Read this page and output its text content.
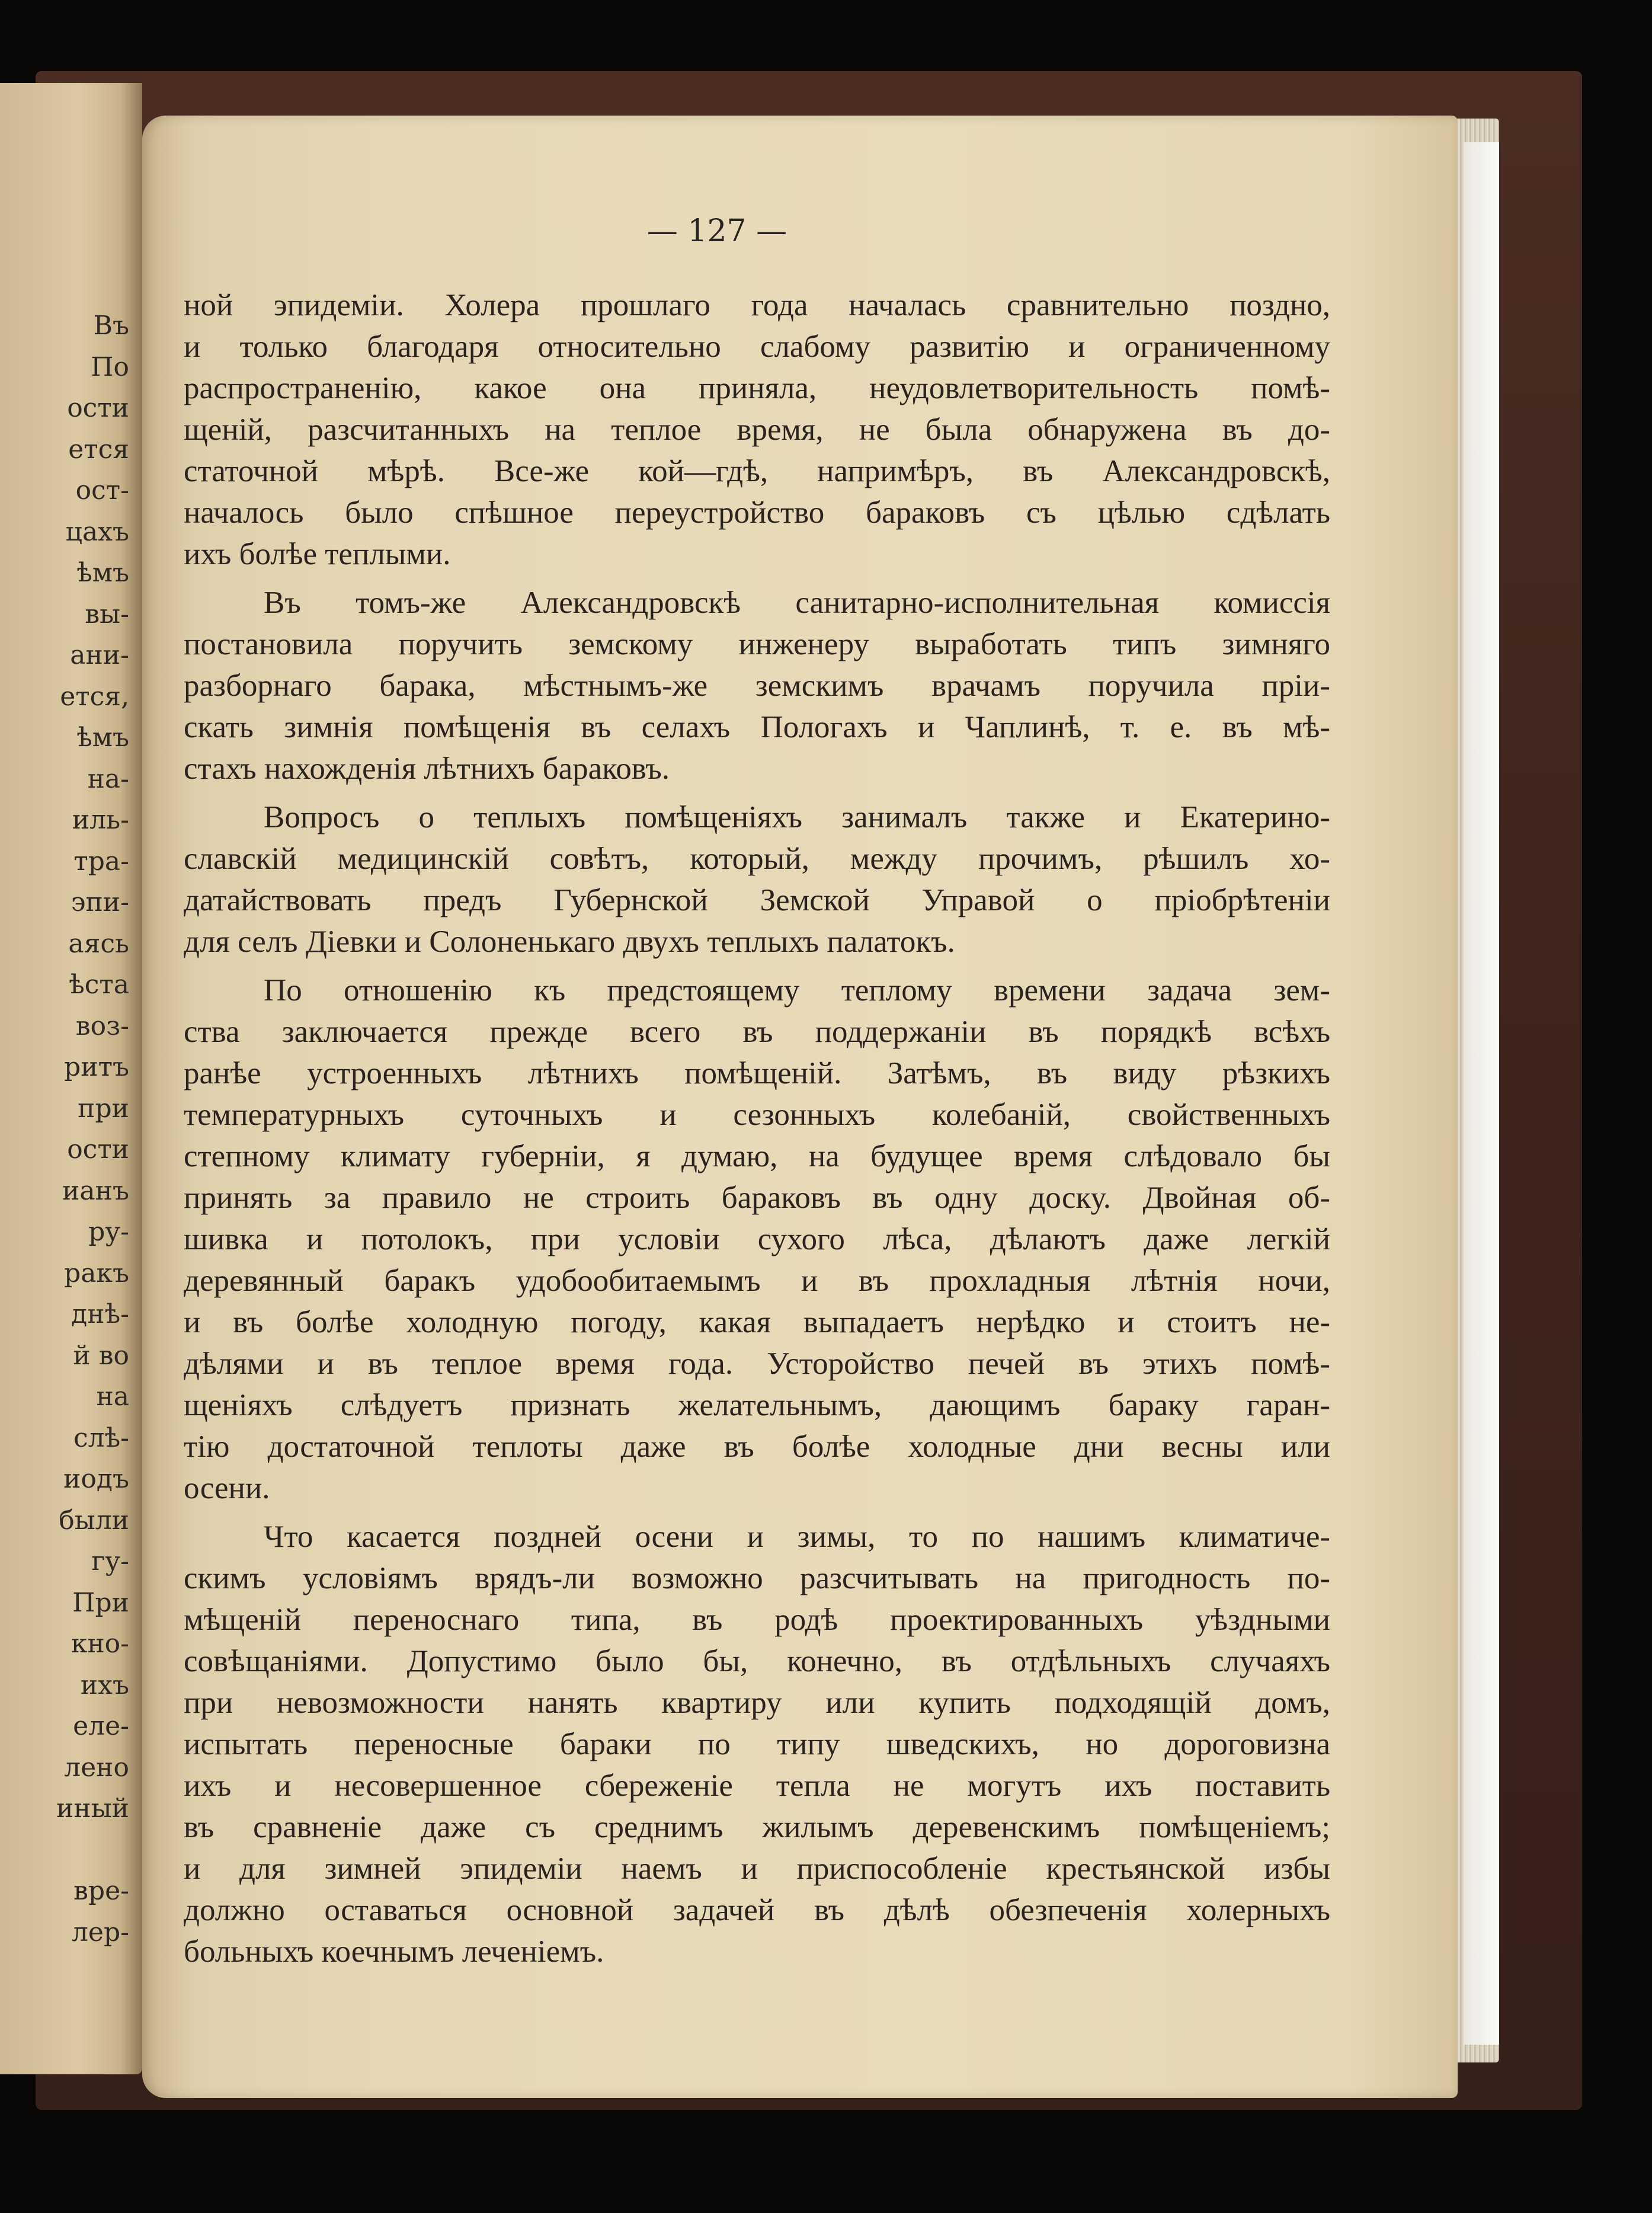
Въ
По
ости
ется
ост-
цахъ
ѣмъ
вы-
ани-
ется,
ѣмъ
на-
иль-
тра-
эпи-
аясь
ѣста
воз-
ритъ
при
ости
ианъ
ру-
ракъ
днѣ-
й во
на
слѣ-
иодъ
были
гу-
При
кно-
ихъ
еле-
лено
иный
вре-
лер-
— 127 —
ной эпидеміи. Холера прошлаго года началась сравнительно поздно,
и только благодаря относительно слабому развитію и ограниченному
распространенію, какое она приняла, неудовлетворительность помѣ-
щеній, разсчитанныхъ на теплое время, не была обнаружена въ до-
статочной мѣрѣ. Все-же кой—гдѣ, напримѣръ, въ Александровскѣ,
началось было спѣшное переустройство бараковъ съ цѣлью сдѣлать
ихъ болѣе теплыми.
Въ томъ-же Александровскѣ санитарно-исполнительная комиссія
постановила поручить земскому инженеру выработать типъ зимняго
разборнаго барака, мѣстнымъ-же земскимъ врачамъ поручила пріи-
скать зимнія помѣщенія въ селахъ Пологахъ и Чаплинѣ, т. е. въ мѣ-
стахъ нахожденія лѣтнихъ бараковъ.
Вопросъ о теплыхъ помѣщеніяхъ занималъ также и Екатерино-
славскій медицинскій совѣтъ, который, между прочимъ, рѣшилъ хо-
датайствовать предъ Губернской Земской Управой о пріобрѣтеніи
для селъ Діевки и Солоненькаго двухъ теплыхъ палатокъ.
По отношенію къ предстоящему теплому времени задача зем-
ства заключается прежде всего въ поддержаніи въ порядкѣ всѣхъ
ранѣе устроенныхъ лѣтнихъ помѣщеній. Затѣмъ, въ виду рѣзкихъ
температурныхъ суточныхъ и сезонныхъ колебаній, свойственныхъ
степному климату губерніи, я думаю, на будущее время слѣдовало бы
принять за правило не строить бараковъ въ одну доску. Двойная об-
шивка и потолокъ, при условіи сухого лѣса, дѣлаютъ даже легкій
деревянный баракъ удобообитаемымъ и въ прохладныя лѣтнія ночи,
и въ болѣе холодную погоду, какая выпадаетъ нерѣдко и стоитъ не-
дѣлями и въ теплое время года. Усторойство печей въ этихъ помѣ-
щеніяхъ слѣдуетъ признать желательнымъ, дающимъ бараку гаран-
тію достаточной теплоты даже въ болѣе холодные дни весны или
осени.
Что касается поздней осени и зимы, то по нашимъ климатиче-
скимъ условіямъ врядъ-ли возможно разсчитывать на пригодность по-
мѣщеній переноснаго типа, въ родѣ проектированныхъ уѣздными
совѣщаніями. Допустимо было бы, конечно, въ отдѣльныхъ случаяхъ
при невозможности нанять квартиру или купить подходящій домъ,
испытать переносные бараки по типу шведскихъ, но дороговизна
ихъ и несовершенное сбереженіе тепла не могутъ ихъ поставить
въ сравненіе даже съ среднимъ жилымъ деревенскимъ помѣщеніемъ;
и для зимней эпидеміи наемъ и приспособленіе крестьянской избы
должно оставаться основной задачей въ дѣлѣ обезпеченія холерныхъ
больныхъ коечнымъ леченіемъ.
